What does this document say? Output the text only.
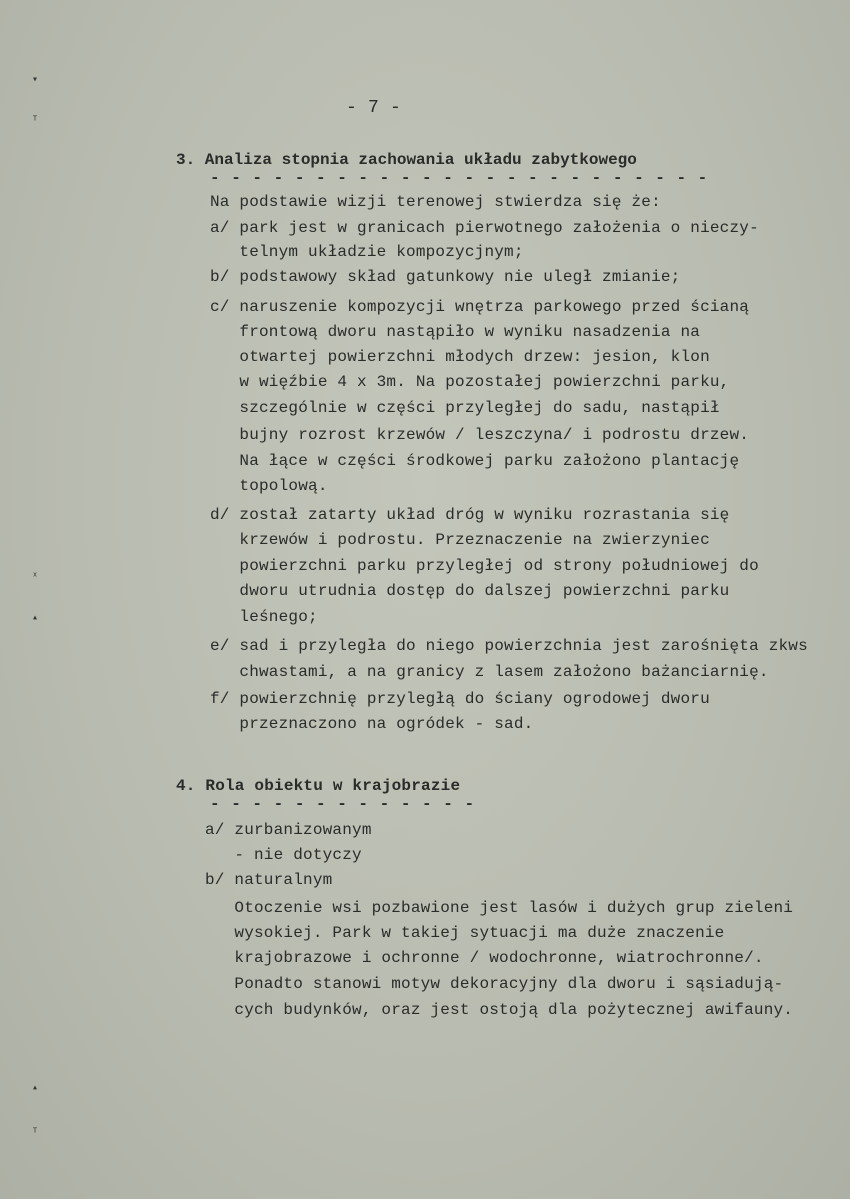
▾
ᵀ
ˣ
▴
▴
ᵀ
- 7 -
3. Analiza stopnia zachowania układu zabytkowego
- - - - - - - - - - - - - - - - - - - - - - - -
Na podstawie wizji terenowej stwierdza się że:
a/ park jest w granicach pierwotnego założenia o nieczy-
telnym układzie kompozycjnym;
b/ podstawowy skład gatunkowy nie uległ zmianie;
c/ naruszenie kompozycji wnętrza parkowego przed ścianą
frontową dworu nastąpiło w wyniku nasadzenia na
otwartej powierzchni młodych drzew: jesion, klon
w więźbie 4 x 3m. Na pozostałej powierzchni parku,
szczególnie w części przyległej do sadu, nastąpił
bujny rozrost krzewów / leszczyna/ i podrostu drzew.
Na łące w części środkowej parku założono plantację
topolową.
d/ został zatarty układ dróg w wyniku rozrastania się
krzewów i podrostu. Przeznaczenie na zwierzyniec
powierzchni parku przyległej od strony południowej do
dworu utrudnia dostęp do dalszej powierzchni parku
leśnego;
e/ sad i przyległa do niego powierzchnia jest zarośnięta zkws
chwastami, a na granicy z lasem założono bażanciarnię.
f/ powierzchnię przyległą do ściany ogrodowej dworu
przeznaczono na ogródek - sad.
4. Rola obiektu w krajobrazie
- - - - - - - - - - - - -
a/ zurbanizowanym
- nie dotyczy
b/ naturalnym
Otoczenie wsi pozbawione jest lasów i dużych grup zieleni
wysokiej. Park w takiej sytuacji ma duże znaczenie
krajobrazowe i ochronne / wodochronne, wiatrochronne/.
Ponadto stanowi motyw dekoracyjny dla dworu i sąsiadują-
cych budynków, oraz jest ostoją dla pożytecznej awifauny.
